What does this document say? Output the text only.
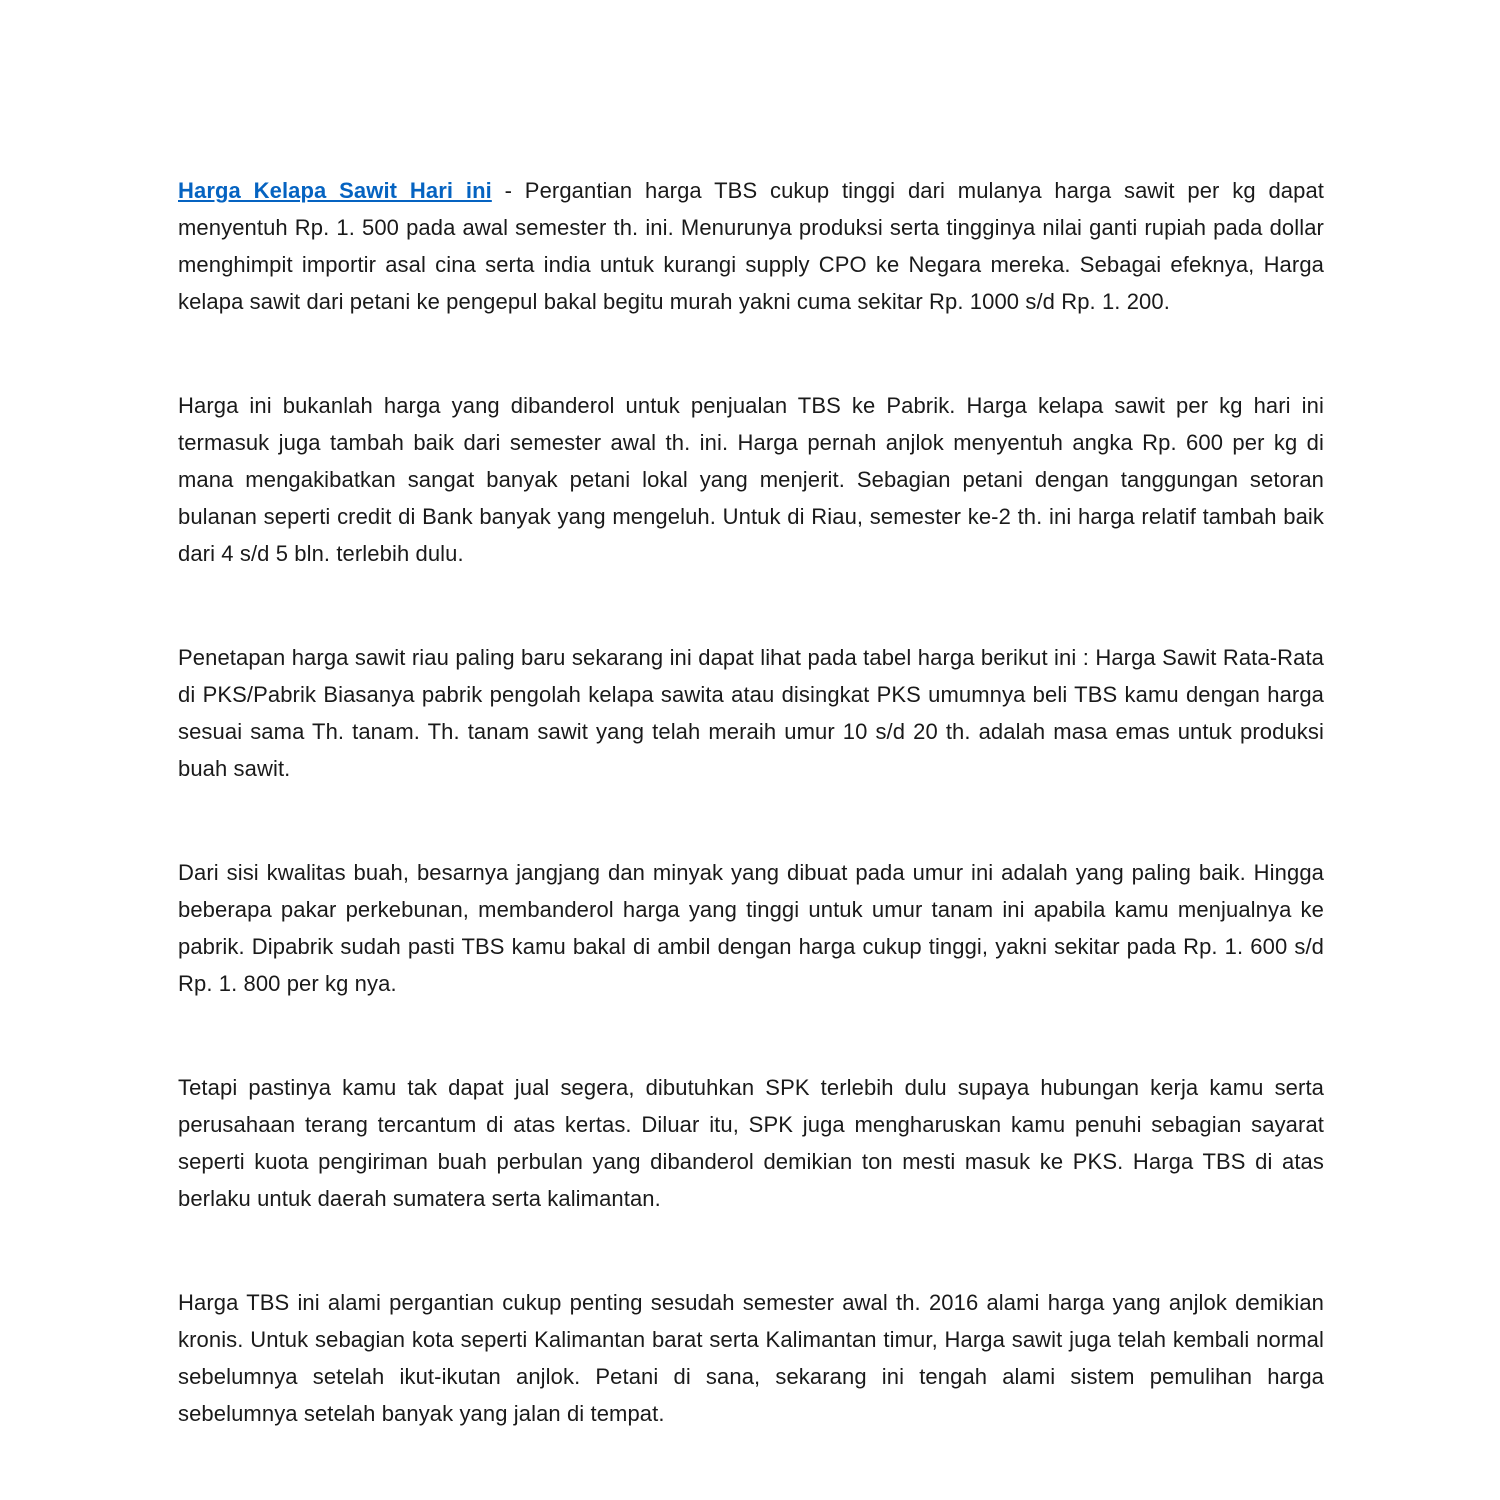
Harga Kelapa Sawit Hari ini - Pergantian harga TBS cukup tinggi dari mulanya harga sawit per kg dapat menyentuh Rp. 1. 500 pada awal semester th. ini. Menurunya produksi serta tingginya nilai ganti rupiah pada dollar menghimpit importir asal cina serta india untuk kurangi supply CPO ke Negara mereka. Sebagai efeknya, Harga kelapa sawit dari petani ke pengepul bakal begitu murah yakni cuma sekitar Rp. 1000 s/d Rp. 1. 200.

Harga ini bukanlah harga yang dibanderol untuk penjualan TBS ke Pabrik. Harga kelapa sawit per kg hari ini termasuk juga tambah baik dari semester awal th. ini. Harga pernah anjlok menyentuh angka Rp. 600 per kg di mana mengakibatkan sangat banyak petani lokal yang menjerit. Sebagian petani dengan tanggungan setoran bulanan seperti credit di Bank banyak yang mengeluh. Untuk di Riau, semester ke-2 th. ini harga relatif tambah baik dari 4 s/d 5 bln. terlebih dulu.

Penetapan harga sawit riau paling baru sekarang ini dapat lihat pada tabel harga berikut ini : Harga Sawit Rata-Rata di PKS/Pabrik Biasanya pabrik pengolah kelapa sawita atau disingkat PKS umumnya beli TBS kamu dengan harga sesuai sama Th. tanam. Th. tanam sawit yang telah meraih umur 10 s/d 20 th. adalah masa emas untuk produksi buah sawit.

Dari sisi kwalitas buah, besarnya jangjang dan minyak yang dibuat pada umur ini adalah yang paling baik. Hingga beberapa pakar perkebunan, membanderol harga yang tinggi untuk umur tanam ini apabila kamu menjualnya ke pabrik. Dipabrik sudah pasti TBS kamu bakal di ambil dengan harga cukup tinggi, yakni sekitar pada Rp. 1. 600 s/d Rp. 1. 800 per kg nya.

Tetapi pastinya kamu tak dapat jual segera, dibutuhkan SPK terlebih dulu supaya hubungan kerja kamu serta perusahaan terang tercantum di atas kertas. Diluar itu, SPK juga mengharuskan kamu penuhi sebagian sayarat seperti kuota pengiriman buah perbulan yang dibanderol demikian ton mesti masuk ke PKS. Harga TBS di atas berlaku untuk daerah sumatera serta kalimantan.

Harga TBS ini alami pergantian cukup penting sesudah semester awal th. 2016 alami harga yang anjlok demikian kronis. Untuk sebagian kota seperti Kalimantan barat serta Kalimantan timur, Harga sawit juga telah kembali normal sebelumnya setelah ikut-ikutan anjlok. Petani di sana, sekarang ini tengah alami sistem pemulihan harga sebelumnya setelah banyak yang jalan di tempat.
